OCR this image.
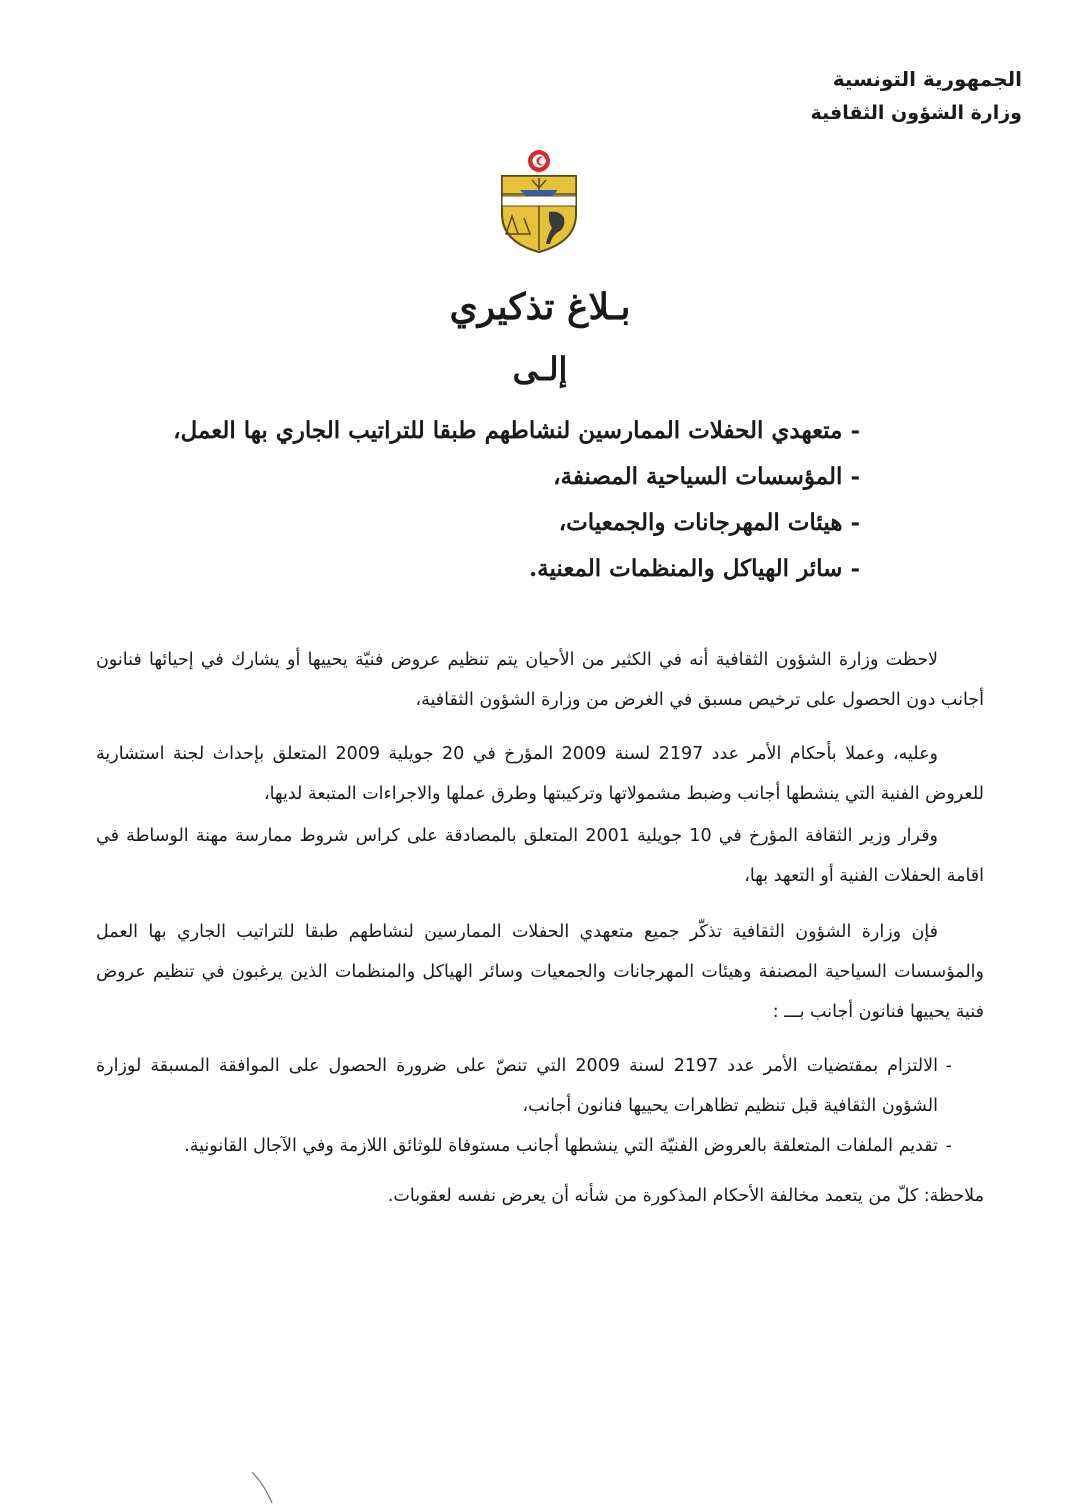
الجمهورية التونسية

وزارة الشؤون الثقافية

بـلاغ تذكيري
إلـى
- متعهدي الحفلات الممارسين لنشاطهم طبقا للتراتيب الجاري بها العمل،
- المؤسسات السياحية المصنفة،
- هيئات المهرجانات والجمعيات،
- سائر الهياكل والمنظمات المعنية.

لاحظت وزارة الشؤون الثقافية أنه في الكثير من الأحيان يتم تنظيم عروض فنيّة يحييها أو يشارك في إحيائها فنانون أجانب دون الحصول على ترخيص مسبق في الغرض من وزارة الشؤون الثقافية،

وعليه، وعملا بأحكام الأمر عدد 2197 لسنة 2009 المؤرخ في 20 جويلية 2009 المتعلق بإحداث لجنة استشارية للعروض الفنية التي ينشطها أجانب وضبط مشمولاتها وتركيبتها وطرق عملها والاجراءات المتبعة لديها،

وقرار وزير الثقافة المؤرخ في 10 جويلية 2001 المتعلق بالمصادقة على كراس شروط ممارسة مهنة الوساطة في اقامة الحفلات الفنية أو التعهد بها،

فإن وزارة الشؤون الثقافية تذكّر جميع متعهدي الحفلات الممارسين لنشاطهم طبقا للتراتيب الجاري بها العمل والمؤسسات السياحية المصنفة وهيئات المهرجانات والجمعيات وسائر الهياكل والمنظمات الذين يرغبون في تنظيم عروض فنية يحييها فنانون أجانب بـــ :

-
الالتزام بمقتضيات الأمر عدد 2197 لسنة 2009 التي تنصّ على ضرورة الحصول على الموافقة المسبقة لوزارة الشؤون الثقافية قبل تنظيم تظاهرات يحييها فنانون أجانب،
-
تقديم الملفات المتعلقة بالعروض الفنيّة التي ينشطها أجانب مستوفاة للوثائق اللازمة وفي الآجال القانونية.

ملاحظة: كلّ من يتعمد مخالفة الأحكام المذكورة من شأنه أن يعرض نفسه لعقوبات.
